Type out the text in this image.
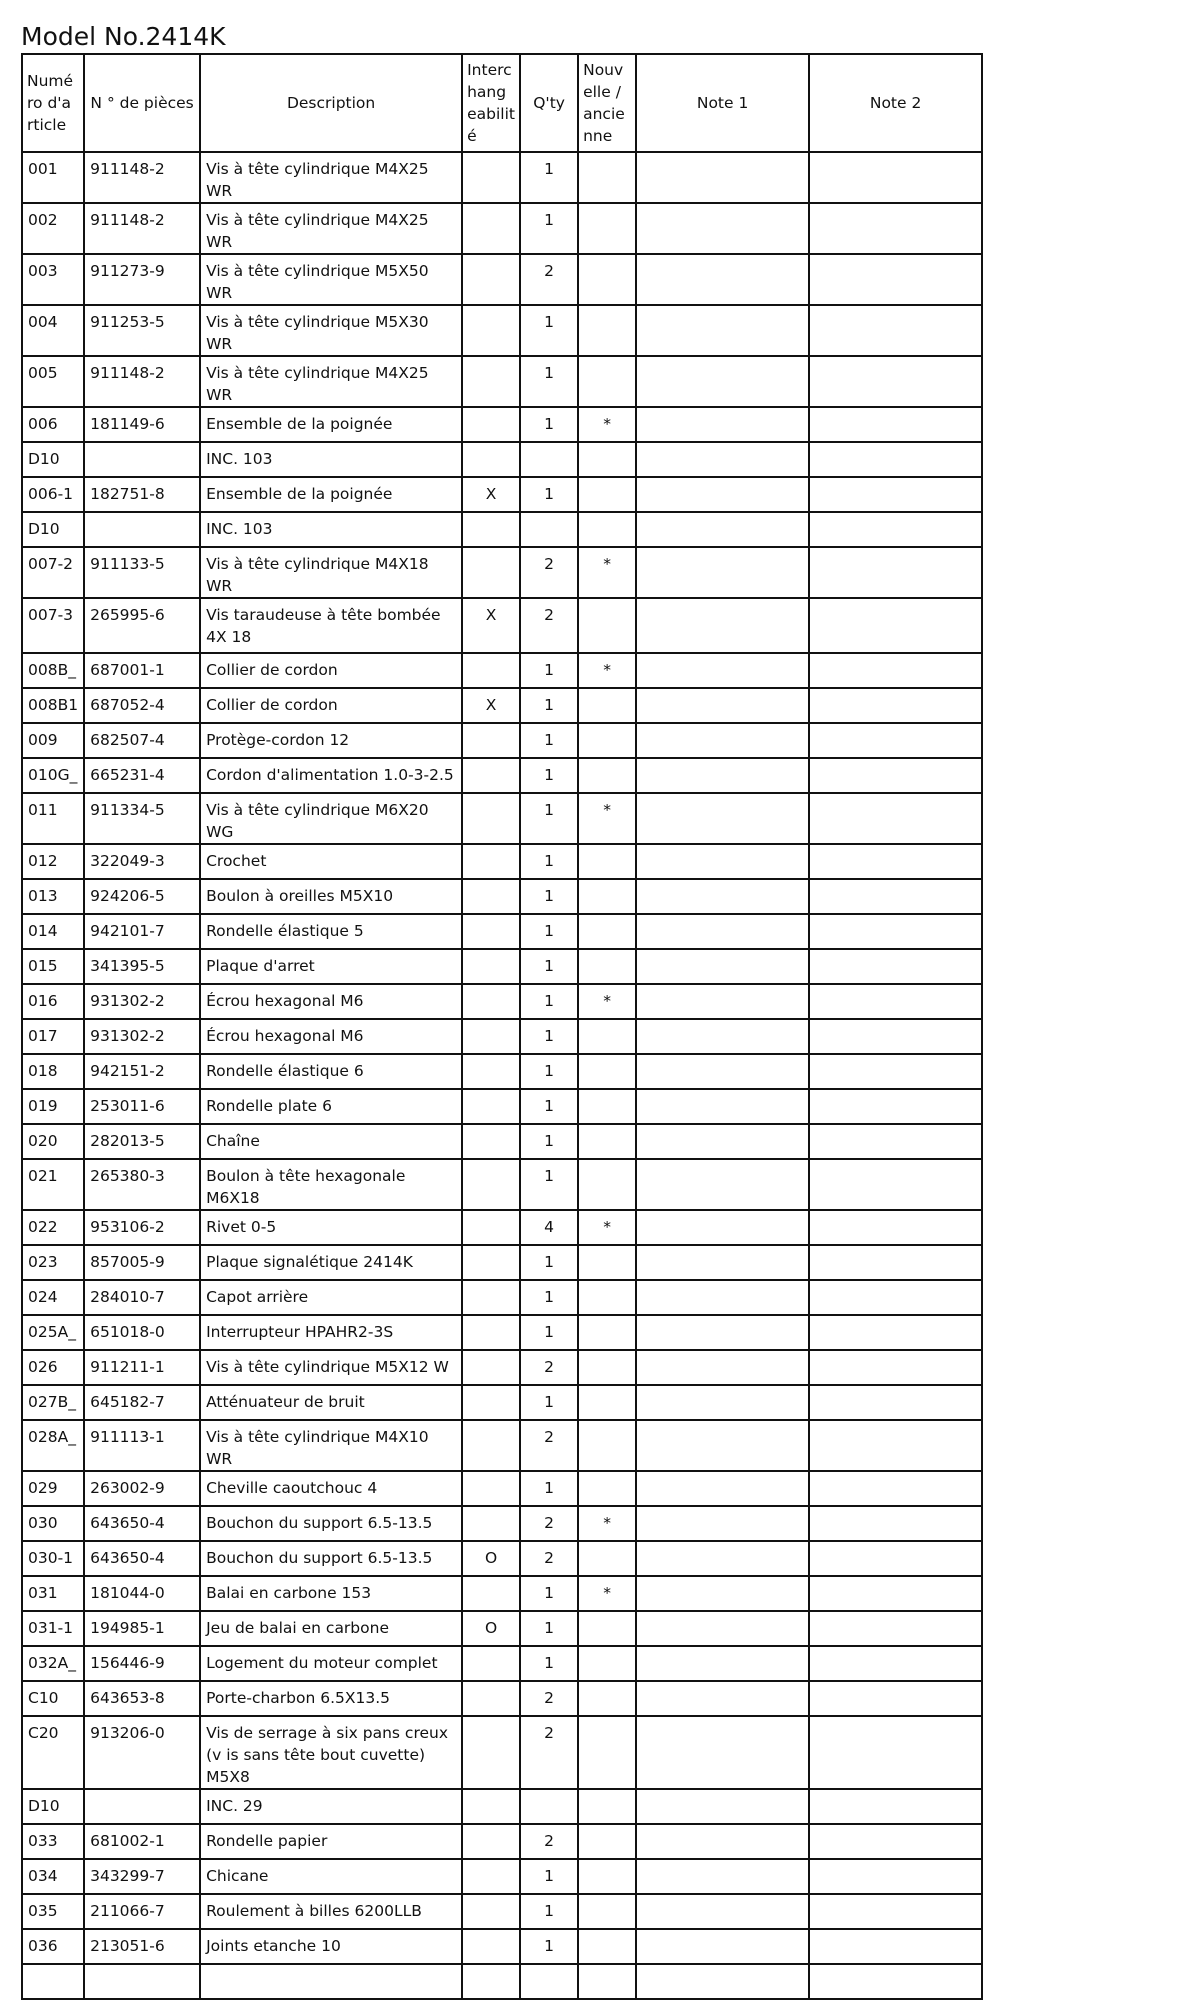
Model No.2414K
Numé ro d'a rticle	N ° de pièces	Description	Interc hang eabilit é	Q'ty	Nouv elle / ancie nne	Note 1	Note 2
001	911148-2	Vis à tête cylindrique M4X25 WR		1			
002	911148-2	Vis à tête cylindrique M4X25 WR		1			
003	911273-9	Vis à tête cylindrique M5X50 WR		2			
004	911253-5	Vis à tête cylindrique M5X30 WR		1			
005	911148-2	Vis à tête cylindrique M4X25 WR		1			
006	181149-6	Ensemble de la poignée		1	*		
D10		INC. 103					
006-1	182751-8	Ensemble de la poignée	X	1			
D10		INC. 103					
007-2	911133-5	Vis à tête cylindrique M4X18 WR		2	*		
007-3	265995-6	Vis taraudeuse à tête bombée 4X 18	X	2			
008B_	687001-1	Collier de cordon		1	*		
008B1	687052-4	Collier de cordon	X	1			
009	682507-4	Protège-cordon 12		1			
010G_	665231-4	Cordon d'alimentation 1.0-3-2.5		1			
011	911334-5	Vis à tête cylindrique M6X20 WG		1	*		
012	322049-3	Crochet		1			
013	924206-5	Boulon à oreilles M5X10		1			
014	942101-7	Rondelle élastique 5		1			
015	341395-5	Plaque d'arret		1			
016	931302-2	Écrou hexagonal M6		1	*		
017	931302-2	Écrou hexagonal M6		1			
018	942151-2	Rondelle élastique 6		1			
019	253011-6	Rondelle plate 6		1			
020	282013-5	Chaîne		1			
021	265380-3	Boulon à tête hexagonale M6X18		1			
022	953106-2	Rivet 0-5		4	*		
023	857005-9	Plaque signalétique 2414K		1			
024	284010-7	Capot arrière		1			
025A_	651018-0	Interrupteur HPAHR2-3S		1			
026	911211-1	Vis à tête cylindrique M5X12 W		2			
027B_	645182-7	Atténuateur de bruit		1			
028A_	911113-1	Vis à tête cylindrique M4X10 WR		2			
029	263002-9	Cheville caoutchouc 4		1			
030	643650-4	Bouchon du support 6.5-13.5		2	*		
030-1	643650-4	Bouchon du support 6.5-13.5	O	2			
031	181044-0	Balai en carbone 153		1	*		
031-1	194985-1	Jeu de balai en carbone	O	1			
032A_	156446-9	Logement du moteur complet		1			
C10	643653-8	Porte-charbon 6.5X13.5		2			
C20	913206-0	Vis de serrage à six pans creux (v is sans tête bout cuvette) M5X8		2			
D10		INC. 29					
033	681002-1	Rondelle papier		2			
034	343299-7	Chicane		1			
035	211066-7	Roulement à billes 6200LLB		1			
036	213051-6	Joints etanche 10		1			
